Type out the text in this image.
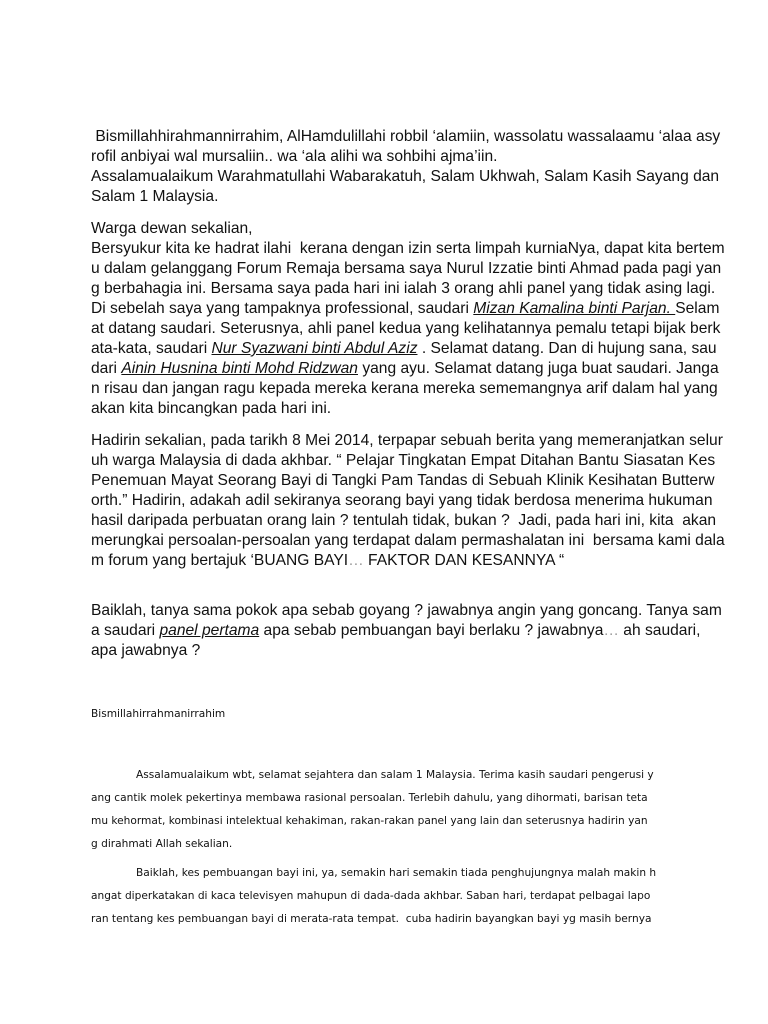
Bismillahhirahmannirrahim, AlHamdulillahi robbil ‘alamiin, wassolatu wassalaamu ‘alaa asy
rofil anbiyai wal mursaliin.. wa ‘ala alihi wa sohbihi ajma’iin.
Assalamualaikum Warahmatullahi Wabarakatuh, Salam Ukhwah, Salam Kasih Sayang dan
Salam 1 Malaysia.
Warga dewan sekalian,
Bersyukur kita ke hadrat ilahi  kerana dengan izin serta limpah kurniaNya, dapat kita bertem
u dalam gelanggang Forum Remaja bersama saya Nurul Izzatie binti Ahmad pada pagi yan
g berbahagia ini. Bersama saya pada hari ini ialah 3 orang ahli panel yang tidak asing lagi.
Di sebelah saya yang tampaknya professional, saudari Mizan Kamalina binti Parjan. Selam
at datang saudari. Seterusnya, ahli panel kedua yang kelihatannya pemalu tetapi bijak berk
ata-kata, saudari Nur Syazwani binti Abdul Aziz . Selamat datang. Dan di hujung sana, sau
dari Ainin Husnina binti Mohd Ridzwan yang ayu. Selamat datang juga buat saudari. Janga
n risau dan jangan ragu kepada mereka kerana mereka sememangnya arif dalam hal yang
akan kita bincangkan pada hari ini.
Hadirin sekalian, pada tarikh 8 Mei 2014, terpapar sebuah berita yang memeranjatkan selur
uh warga Malaysia di dada akhbar. “ Pelajar Tingkatan Empat Ditahan Bantu Siasatan Kes
Penemuan Mayat Seorang Bayi di Tangki Pam Tandas di Sebuah Klinik Kesihatan Butterw
orth.” Hadirin, adakah adil sekiranya seorang bayi yang tidak berdosa menerima hukuman
hasil daripada perbuatan orang lain ? tentulah tidak, bukan ?  Jadi, pada hari ini, kita  akan
merungkai persoalan-persoalan yang terdapat dalam permashalatan ini  bersama kami dala
m forum yang bertajuk ‘BUANG BAYI… FAKTOR DAN KESANNYA “
Baiklah, tanya sama pokok apa sebab goyang ? jawabnya angin yang goncang. Tanya sam
a saudari panel pertama apa sebab pembuangan bayi berlaku ? jawabnya… ah saudari,
apa jawabnya ?
Bismillahirrahmanirrahim
Assalamualaikum wbt, selamat sejahtera dan salam 1 Malaysia. Terima kasih saudari pengerusi y
ang cantik molek pekertinya membawa rasional persoalan. Terlebih dahulu, yang dihormati, barisan teta
mu kehormat, kombinasi intelektual kehakiman, rakan-rakan panel yang lain dan seterusnya hadirin yan
g dirahmati Allah sekalian.
Baiklah, kes pembuangan bayi ini, ya, semakin hari semakin tiada penghujungnya malah makin h
angat diperkatakan di kaca televisyen mahupun di dada-dada akhbar. Saban hari, terdapat pelbagai lapo
ran tentang kes pembuangan bayi di merata-rata tempat.  cuba hadirin bayangkan bayi yg masih bernya
